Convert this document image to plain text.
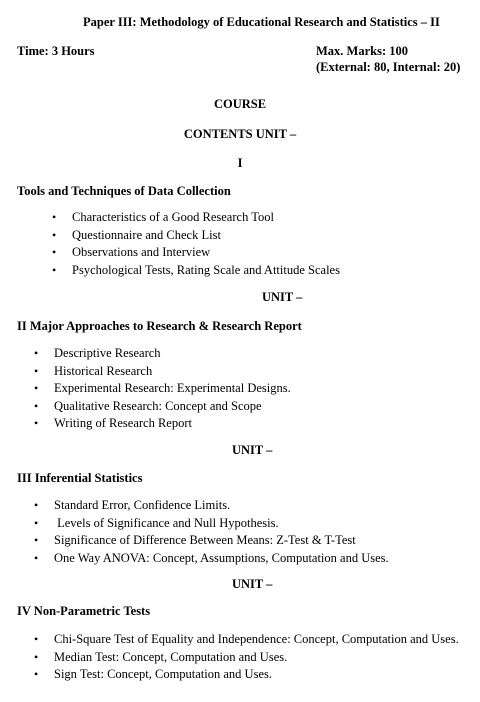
Paper III: Methodology of Educational Research and Statistics – II
Time: 3 Hours	Max. Marks: 100
(External: 80, Internal: 20)
COURSE
CONTENTS UNIT –
I
Tools and Techniques of Data Collection
• Characteristics of a Good Research Tool
• Questionnaire and Check List
• Observations and Interview
• Psychological Tests, Rating Scale and Attitude Scales
UNIT –
II Major Approaches to Research & Research Report
• Descriptive Research
• Historical Research
• Experimental Research: Experimental Designs.
• Qualitative Research: Concept and Scope
• Writing of Research Report
UNIT –
III Inferential Statistics
• Standard Error, Confidence Limits.
•  Levels of Significance and Null Hypothesis.
• Significance of Difference Between Means: Z-Test & T-Test
• One Way ANOVA: Concept, Assumptions, Computation and Uses.
UNIT –
IV Non-Parametric Tests
• Chi-Square Test of Equality and Independence: Concept, Computation and Uses.
• Median Test: Concept, Computation and Uses.
• Sign Test: Concept, Computation and Uses.
